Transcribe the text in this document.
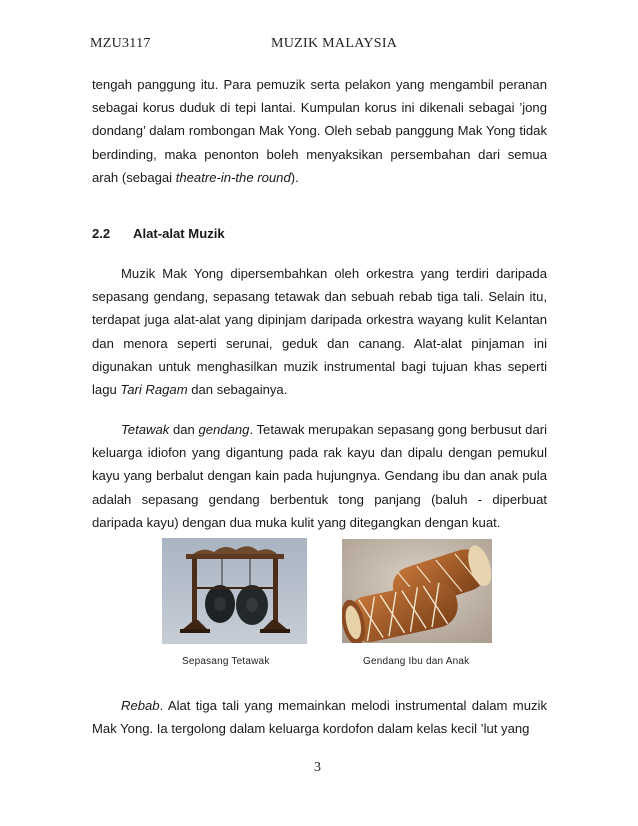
MZU3117	MUZIK MALAYSIA
tengah panggung itu. Para pemuzik serta pelakon yang mengambil peranan sebagai korus duduk di tepi lantai. Kumpulan korus ini dikenali sebagai ’jong dondang’ dalam rombongan Mak Yong. Oleh sebab panggung Mak Yong tidak berdinding, maka penonton boleh menyaksikan persembahan dari semua arah (sebagai theatre-in-the round).
2.2 Alat-alat Muzik
Muzik Mak Yong dipersembahkan oleh orkestra yang terdiri daripada sepasang gendang, sepasang tetawak dan sebuah rebab tiga tali. Selain itu, terdapat juga alat-alat yang dipinjam daripada orkestra wayang kulit Kelantan dan menora seperti serunai, geduk dan canang. Alat-alat pinjaman ini digunakan untuk menghasilkan muzik instrumental bagi tujuan khas seperti lagu Tari Ragam dan sebagainya.
Tetawak dan gendang. Tetawak merupakan sepasang gong berbusut dari keluarga idiofon yang digantung pada rak kayu dan dipalu dengan pemukul kayu yang berbalut dengan kain pada hujungnya. Gendang ibu dan anak pula adalah sepasang gendang berbentuk tong panjang (baluh - diperbuat daripada kayu) dengan dua muka kulit yang ditegangkan dengan kuat.
Sepasang Tetawak	Gendang Ibu dan Anak
Rebab. Alat tiga tali yang memainkan melodi instrumental dalam muzik Mak Yong. Ia tergolong dalam keluarga kordofon dalam kelas kecil ’lut yang
3
